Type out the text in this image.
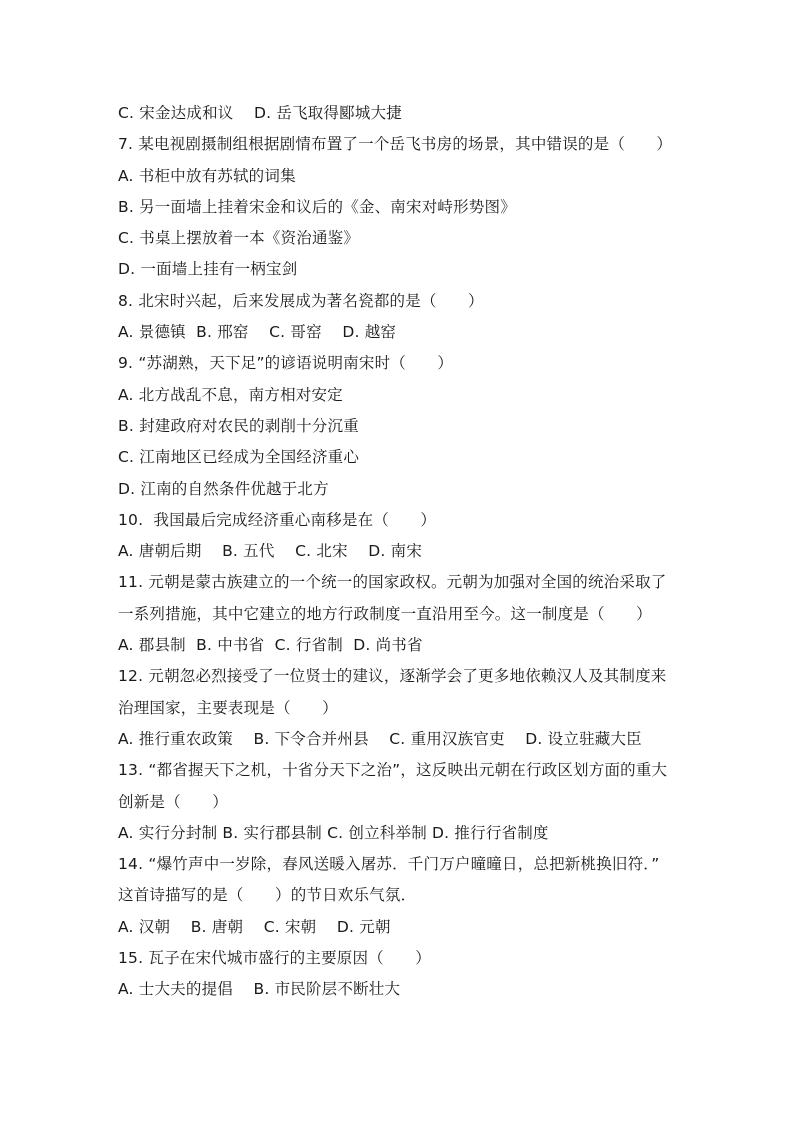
C. 宋金达成和议    D. 岳飞取得郾城大捷
7. 某电视剧摄制组根据剧情布置了一个岳飞书房的场景，其中错误的是（　　）
A. 书柜中放有苏轼的词集
B. 另一面墙上挂着宋金和议后的《金、南宋对峙形势图》
C. 书桌上摆放着一本《资治通鉴》
D. 一面墙上挂有一柄宝剑
8. 北宋时兴起，后来发展成为著名瓷都的是（　　）
A. 景德镇  B. 邢窑    C. 哥窑    D. 越窑
9. “苏湖熟，天下足”的谚语说明南宋时（　　）
A. 北方战乱不息，南方相对安定
B. 封建政府对农民的剥削十分沉重
C. 江南地区已经成为全国经济重心
D. 江南的自然条件优越于北方
10.  我国最后完成经济重心南移是在（　　）
A. 唐朝后期    B. 五代    C. 北宋    D. 南宋
11. 元朝是蒙古族建立的一个统一的国家政权。元朝为加强对全国的统治采取了
一系列措施，其中它建立的地方行政制度一直沿用至今。这一制度是（　　）
A. 郡县制  B. 中书省  C. 行省制  D. 尚书省
12. 元朝忽必烈接受了一位贤士的建议，逐渐学会了更多地依赖汉人及其制度来
治理国家，主要表现是（　　）
A. 推行重农政策    B. 下令合并州县    C. 重用汉族官吏    D. 设立驻藏大臣
13. “都省握天下之机，十省分天下之治”，这反映出元朝在行政区划方面的重大
创新是（　　）
A. 实行分封制 B. 实行郡县制 C. 创立科举制 D. 推行行省制度
14. “爆竹声中一岁除，春风送暖入屠苏．千门万户曈曈日，总把新桃换旧符．”
这首诗描写的是（　　）的节日欢乐气氛．
A. 汉朝    B. 唐朝    C. 宋朝    D. 元朝
15. 瓦子在宋代城市盛行的主要原因（　　）
A. 士大夫的提倡    B. 市民阶层不断壮大
